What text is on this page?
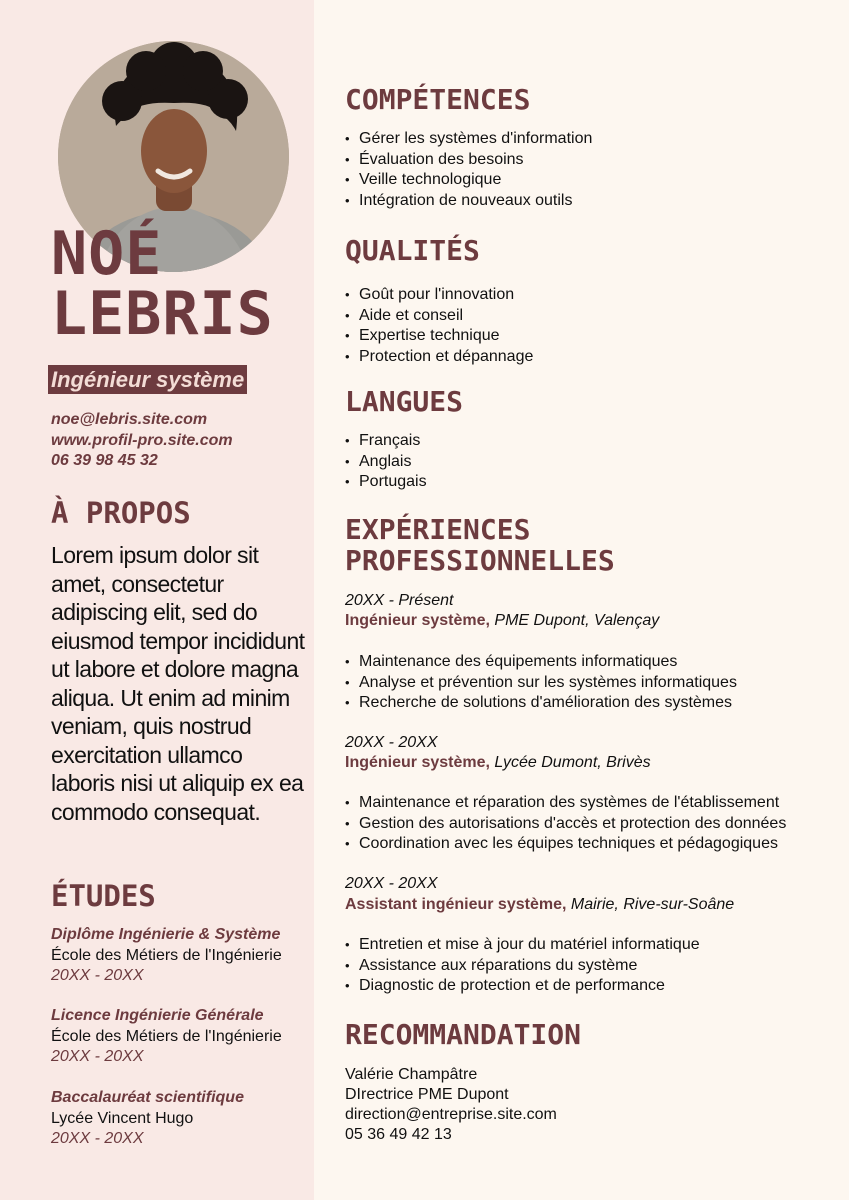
NOÉ
LEBRIS
Ingénieur système
noe@lebris.site.com
www.profil-pro.site.com
06 39 98 45 32
À PROPOS
Lorem ipsum dolor sit amet, consectetur adipiscing elit, sed do eiusmod tempor incididunt ut labore et dolore magna aliqua. Ut enim ad minim veniam, quis nostrud exercitation ullamco laboris nisi ut aliquip ex ea commodo consequat.
ÉTUDES
Diplôme Ingénierie & Système
École des Métiers de l'Ingénierie
20XX - 20XX
Licence Ingénierie Générale
École des Métiers de l'Ingénierie
20XX - 20XX
Baccalauréat scientifique
Lycée Vincent Hugo
20XX - 20XX
COMPÉTENCES
• Gérer les systèmes d'information
• Évaluation des besoins
• Veille technologique
• Intégration de nouveaux outils
QUALITÉS
• Goût pour l'innovation
• Aide et conseil
• Expertise technique
• Protection et dépannage
LANGUES
• Français
• Anglais
• Portugais
EXPÉRIENCES
PROFESSIONNELLES
20XX - Présent
Ingénieur système, PME Dupont, Valençay
• Maintenance des équipements informatiques
• Analyse et prévention sur les systèmes informatiques
• Recherche de solutions d'amélioration des systèmes
20XX - 20XX
Ingénieur système, Lycée Dumont, Brivès
• Maintenance et réparation des systèmes de l'établissement
• Gestion des autorisations d'accès et protection des données
• Coordination avec les équipes techniques et pédagogiques
20XX - 20XX
Assistant ingénieur système, Mairie, Rive-sur-Soâne
• Entretien et mise à jour du matériel informatique
• Assistance aux réparations du système
• Diagnostic de protection et de performance
RECOMMANDATION
Valérie Champâtre
DIrectrice PME Dupont
direction@entreprise.site.com
05 36 49 42 13
